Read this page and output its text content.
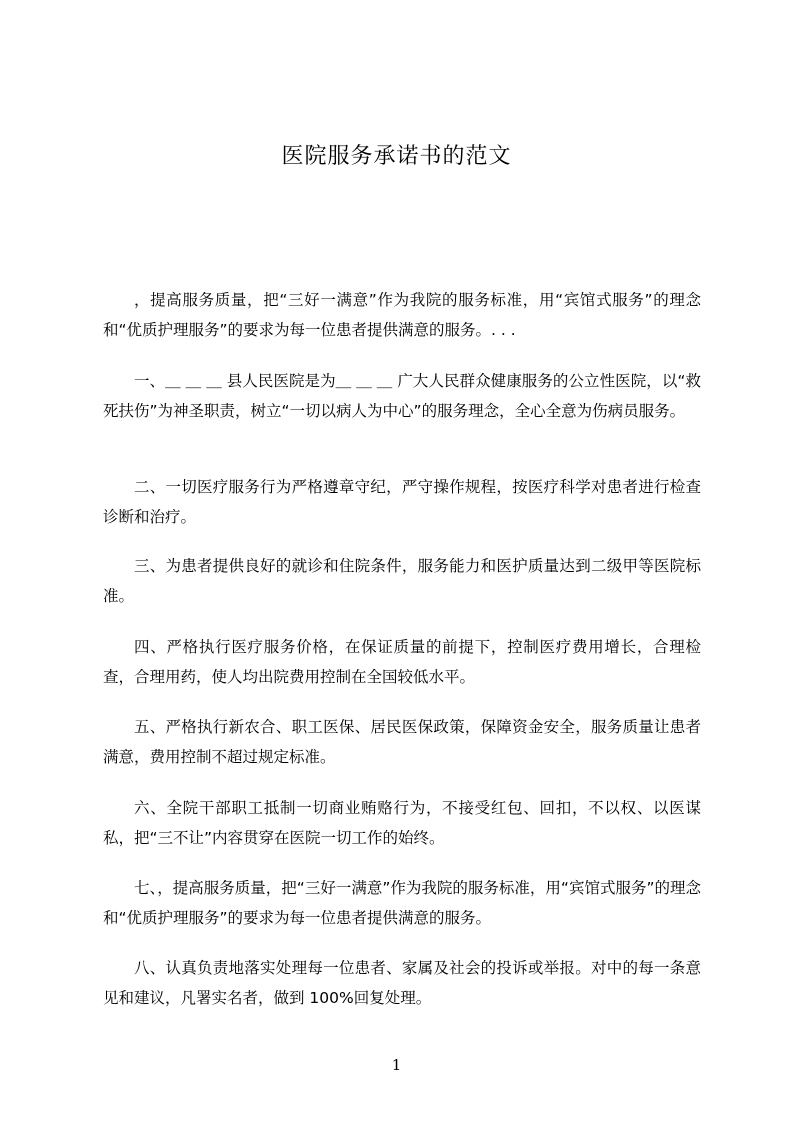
医院服务承诺书的范文

，提高服务质量，把“三好一满意”作为我院的服务标准，用“宾馆式服务”的理念和“优质护理服务”的要求为每一位患者提供满意的服务。. . .

一、＿ ＿ ＿ 县人民医院是为＿ ＿ ＿ 广大人民群众健康服务的公立性医院，以“救死扶伤”为神圣职责，树立“一切以病人为中心”的服务理念，全心全意为伤病员服务。

二、一切医疗服务行为严格遵章守纪，严守操作规程，按医疗科学对患者进行检查诊断和治疗。

三、为患者提供良好的就诊和住院条件，服务能力和医护质量达到二级甲等医院标准。

四、严格执行医疗服务价格，在保证质量的前提下，控制医疗费用增长，合理检查，合理用药，使人均出院费用控制在全国较低水平。

五、严格执行新农合、职工医保、居民医保政策，保障资金安全，服务质量让患者满意，费用控制不超过规定标准。

六、全院干部职工抵制一切商业贿赂行为，不接受红包、回扣，不以权、以医谋私，把“三不让”内容贯穿在医院一切工作的始终。

七、，提高服务质量，把“三好一满意”作为我院的服务标准，用“宾馆式服务”的理念和“优质护理服务”的要求为每一位患者提供满意的服务。

八、认真负责地落实处理每一位患者、家属及社会的投诉或举报。对中的每一条意见和建议，凡署实名者，做到 100%回复处理。

1
